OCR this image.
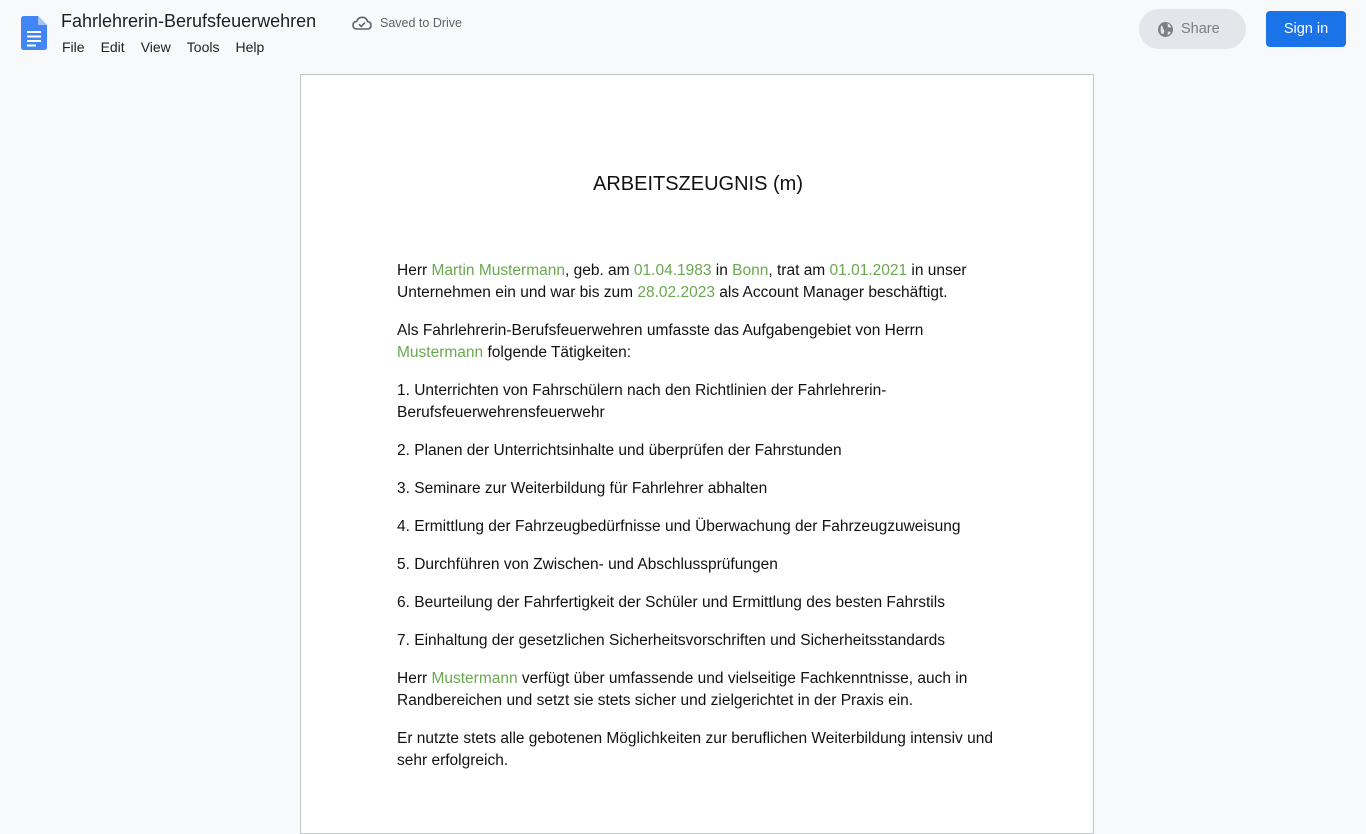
Fahrlehrerin-Berufsfeuerwehren	Saved to Drive
File	Edit	View	Tools	Help
Share	Sign in
ARBEITSZEUGNIS (m)

Herr Martin Mustermann, geb. am 01.04.1983 in Bonn, trat am 01.01.2021 in unser Unternehmen ein und war bis zum 28.02.2023 als Account Manager beschäftigt.

Als Fahrlehrerin-Berufsfeuerwehren umfasste das Aufgabengebiet von Herrn Mustermann folgende Tätigkeiten:

1. Unterrichten von Fahrschülern nach den Richtlinien der Fahrlehrerin-Berufsfeuerwehrensfeuerwehr

2. Planen der Unterrichtsinhalte und überprüfen der Fahrstunden

3. Seminare zur Weiterbildung für Fahrlehrer abhalten

4. Ermittlung der Fahrzeugbedürfnisse und Überwachung der Fahrzeugzuweisung

5. Durchführen von Zwischen- und Abschlussprüfungen

6. Beurteilung der Fahrfertigkeit der Schüler und Ermittlung des besten Fahrstils

7. Einhaltung der gesetzlichen Sicherheitsvorschriften und Sicherheitsstandards

Herr Mustermann verfügt über umfassende und vielseitige Fachkenntnisse, auch in Randbereichen und setzt sie stets sicher und zielgerichtet in der Praxis ein.

Er nutzte stets alle gebotenen Möglichkeiten zur beruflichen Weiterbildung intensiv und sehr erfolgreich.
